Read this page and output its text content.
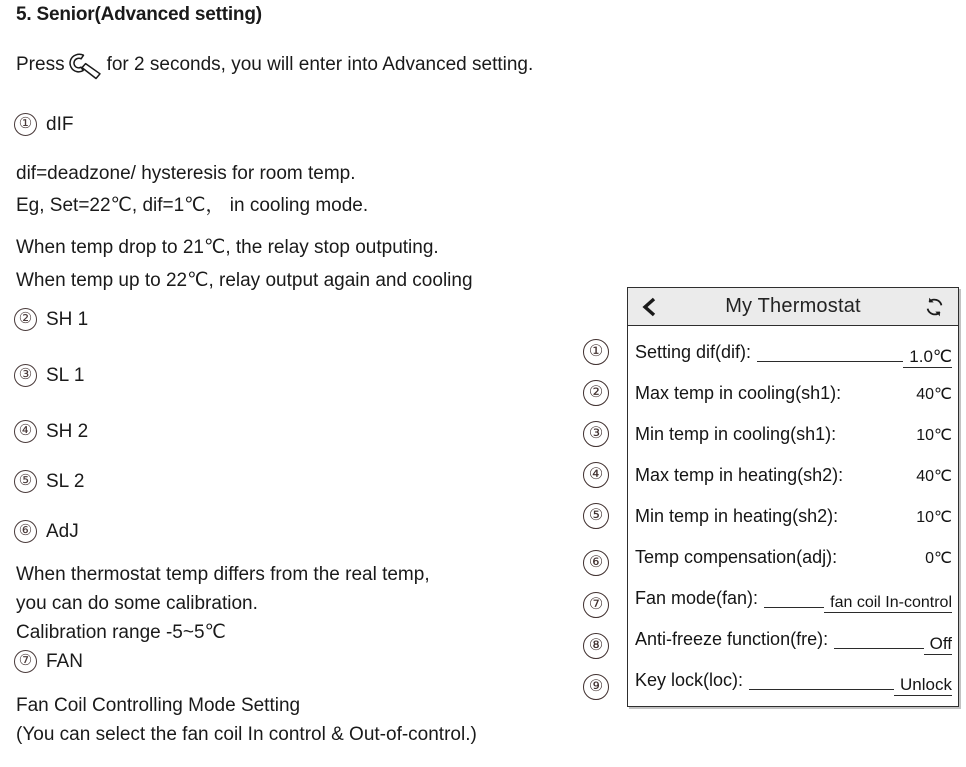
5. Senior(Advanced setting)
Press for 2 seconds, you will enter into Advanced setting.
① dIF
dif=deadzone/ hysteresis for room temp.
Eg, Set=22℃, dif=1℃， in cooling mode.
When temp drop to 21℃, the relay stop outputing.
When temp up to 22℃, relay output again and cooling
② SH 1
③ SL 1
④ SH 2
⑤ SL 2
⑥ AdJ
When thermostat temp differs from the real temp,
you can do some calibration.
Calibration range -5~5℃
⑦ FAN
Fan Coil Controlling Mode Setting
(You can select the fan coil In control & Out-of-control.)
①
②
③
④
⑤
⑥
⑦
⑧
⑨
My Thermostat
Setting dif(dif):	1.0℃
Max temp in cooling(sh1):	40℃
Min temp in cooling(sh1):	10℃
Max temp in heating(sh2):	40℃
Min temp in heating(sh2):	10℃
Temp compensation(adj):	0℃
Fan mode(fan):	fan coil In-control
Anti-freeze function(fre):	Off
Key lock(loc):	Unlock
